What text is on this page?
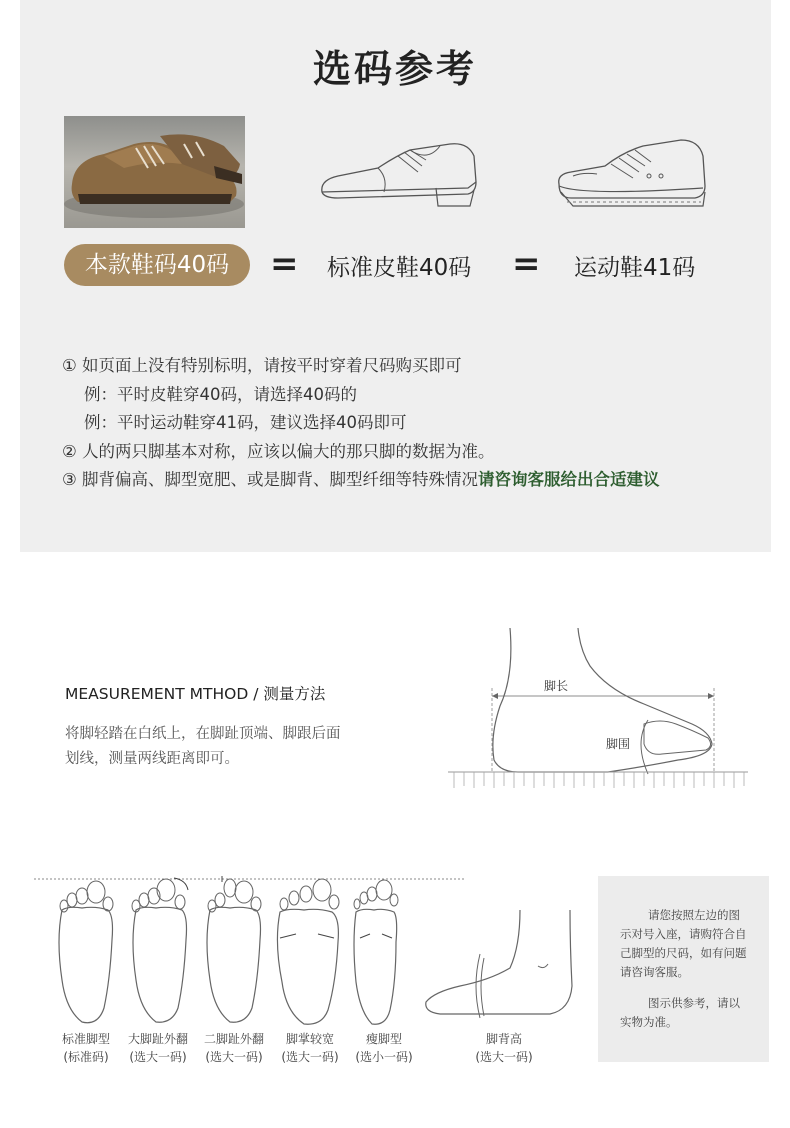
选码参考
本款鞋码40码	= 标准皮鞋40码 = 运动鞋41码
① 如页面上没有特别标明，请按平时穿着尺码购买即可
例：平时皮鞋穿40码，请选择40码的
例：平时运动鞋穿41码，建议选择40码即可
② 人的两只脚基本对称，应该以偏大的那只脚的数据为准。
③ 脚背偏高、脚型宽肥、或是脚背、脚型纤细等特殊情况请咨询客服给出合适建议
MEASUREMENT MTHOD / 测量方法
将脚轻踏在白纸上，在脚趾顶端、脚跟后面
划线，测量两线距离即可。
脚长
脚围
标准脚型
(标准码)
大脚趾外翻
(选大一码)
二脚趾外翻
(选大一码)
脚掌较宽
(选大一码)
瘦脚型
(选小一码)
脚背高
(选大一码)

请您按照左边的图示对号入座，请购符合自己脚型的尺码，如有问题请咨询客服。

图示供参考，请以实物为准。
